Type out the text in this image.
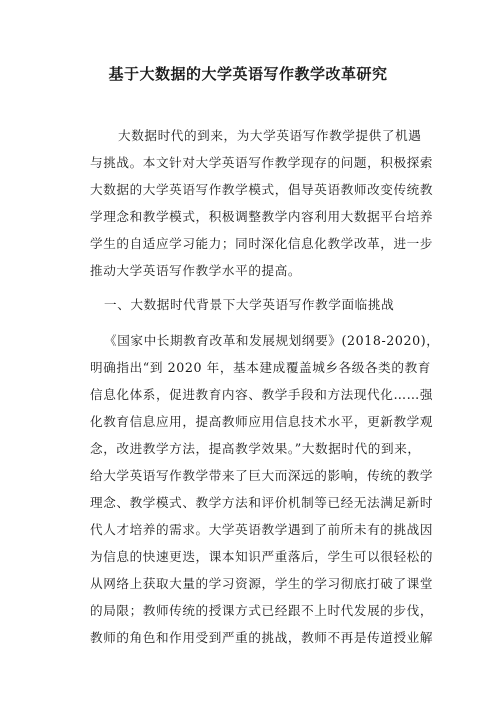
基于大数据的大学英语写作教学改革研究
大数据时代的到来，为大学英语写作教学提供了机遇
与挑战。本文针对大学英语写作教学现存的问题，积极探索
大数据的大学英语写作教学模式，倡导英语教师改变传统教
学理念和教学模式，积极调整教学内容利用大数据平台培养
学生的自适应学习能力；同时深化信息化教学改革，进一步
推动大学英语写作教学水平的提高。
一、大数据时代背景下大学英语写作教学面临挑战
《国家中长期教育改革和发展规划纲要》(2018-2020)，
明确指出“到 2020 年，基本建成覆盖城乡各级各类的教育
信息化体系，促进教育内容、教学手段和方法现代化……强
化教育信息应用，提高教师应用信息技术水平，更新教学观
念，改进教学方法，提高教学效果。”大数据时代的到来，
给大学英语写作教学带来了巨大而深远的影响，传统的教学
理念、教学模式、教学方法和评价机制等已经无法满足新时
代人才培养的需求。大学英语教学遇到了前所未有的挑战因
为信息的快速更迭，课本知识严重落后，学生可以很轻松的
从网络上获取大量的学习资源，学生的学习彻底打破了课堂
的局限；教师传统的授课方式已经跟不上时代发展的步伐，
教师的角色和作用受到严重的挑战，教师不再是传道授业解
